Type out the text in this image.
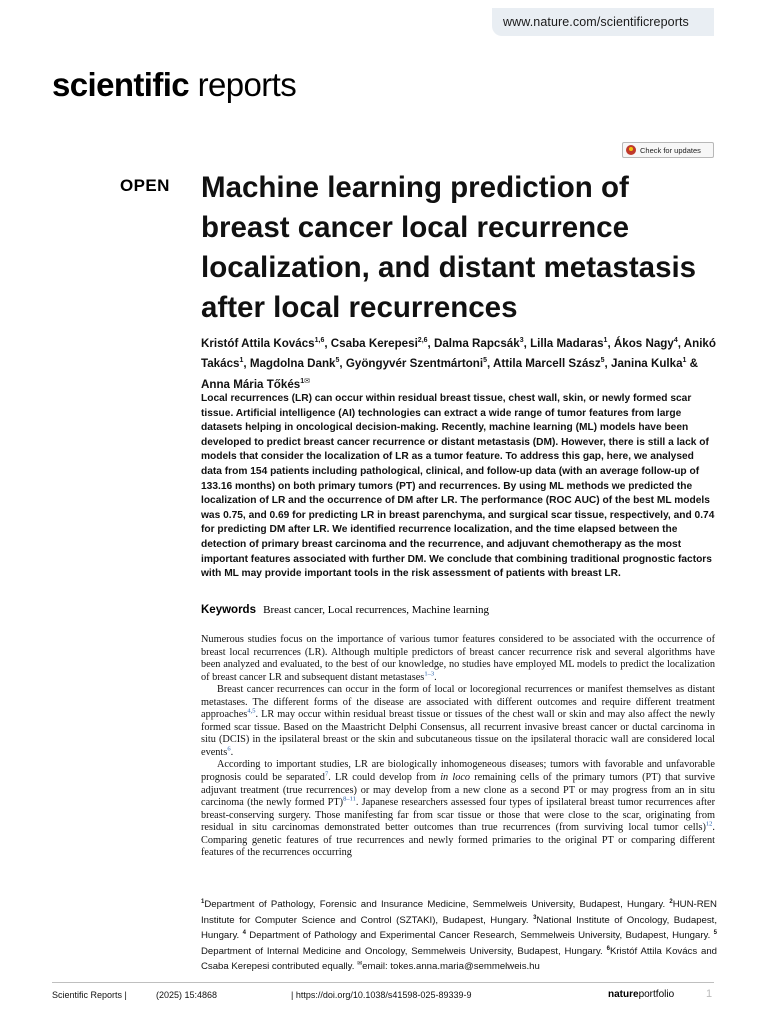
www.nature.com/scientificreports
scientific reports
Check for updates
OPEN Machine learning prediction of breast cancer local recurrence localization, and distant metastasis after local recurrences

Kristóf Attila Kovács$^{1,6}$, Csaba Kerepesi$^{2,6}$, Dalma Rapcsák$^3$, Lilla Madaras$^1$, Ákos Nagy$^4$, Anikó Takács$^1$, Magdolna Dank$^5$, Gyöngyvér Szentmártoni$^5$, Attila Marcell Szász$^5$, Janina Kulka$^1$ & Anna Mária Tőkés$^{1✉}$

Local recurrences (LR) can occur within residual breast tissue, chest wall, skin, or newly formed scar tissue. Artificial intelligence (AI) technologies can extract a wide range of tumor features from large datasets helping in oncological decision-making. Recently, machine learning (ML) models have been developed to predict breast cancer recurrence or distant metastasis (DM). However, there is still a lack of models that consider the localization of LR as a tumor feature. To address this gap, here, we analysed data from 154 patients including pathological, clinical, and follow-up data (with an average follow-up of 133.16 months) on both primary tumors (PT) and recurrences. By using ML methods we predicted the localization of LR and the occurrence of DM after LR. The performance (ROC AUC) of the best ML models was 0.75, and 0.69 for predicting LR in breast parenchyma, and surgical scar tissue, respectively, and 0.74 for predicting DM after LR. We identified recurrence localization, and the time elapsed between the detection of primary breast carcinoma and the recurrence, and adjuvant chemotherapy as the most important features associated with further DM. We conclude that combining traditional prognostic factors with ML may provide important tools in the risk assessment of patients with breast LR.

Keywords Breast cancer, Local recurrences, Machine learning

Numerous studies focus on the importance of various tumor features considered to be associated with the occurrence of breast local recurrences (LR). Although multiple predictors of breast cancer recurrence risk and several algorithms have been analyzed and evaluated, to the best of our knowledge, no studies have employed ML models to predict the localization of breast cancer LR and subsequent distant metastases$^{1-3}$.

Breast cancer recurrences can occur in the form of local or locoregional recurrences or manifest themselves as distant metastases. The different forms of the disease are associated with different outcomes and require different treatment approaches$^{4,5}$. LR may occur within residual breast tissue or tissues of the chest wall or skin and may also affect the newly formed scar tissue. Based on the Maastricht Delphi Consensus, all recurrent invasive breast cancer or ductal carcinoma in situ (DCIS) in the ipsilateral breast or the skin and subcutaneous tissue on the ipsilateral thoracic wall are considered local events$^6$.

According to important studies, LR are biologically inhomogeneous diseases; tumors with favorable and unfavorable prognosis could be separated$^7$. LR could develop from in loco remaining cells of the primary tumors (PT) that survive adjuvant treatment (true recurrences) or may develop from a new clone as a second PT or may progress from an in situ carcinoma (the newly formed PT)$^{8-11}$. Japanese researchers assessed four types of ipsilateral breast tumor recurrences after breast-conserving surgery. Those manifesting far from scar tissue or those that were close to the scar, originating from residual in situ carcinomas demonstrated better outcomes than true recurrences (from surviving local tumor cells)$^{12}$. Comparing genetic features of true recurrences and newly formed primaries to the original PT or comparing different features of the recurrences occurring

$^1$Department of Pathology, Forensic and Insurance Medicine, Semmelweis University, Budapest, Hungary. $^2$HUN-REN Institute for Computer Science and Control (SZTAKI), Budapest, Hungary. $^3$National Institute of Oncology, Budapest, Hungary. $^4$ Department of Pathology and Experimental Cancer Research, Semmelweis University, Budapest, Hungary. $^5$ Department of Internal Medicine and Oncology, Semmelweis University, Budapest, Hungary. $^6$Kristóf Attila Kovács and Csaba Kerepesi contributed equally. ✉email: tokes.anna.maria@semmelweis.hu

Scientific Reports |	(2025) 15:4868	| https://doi.org/10.1038/s41598-025-89339-9	natureportfolio	1
